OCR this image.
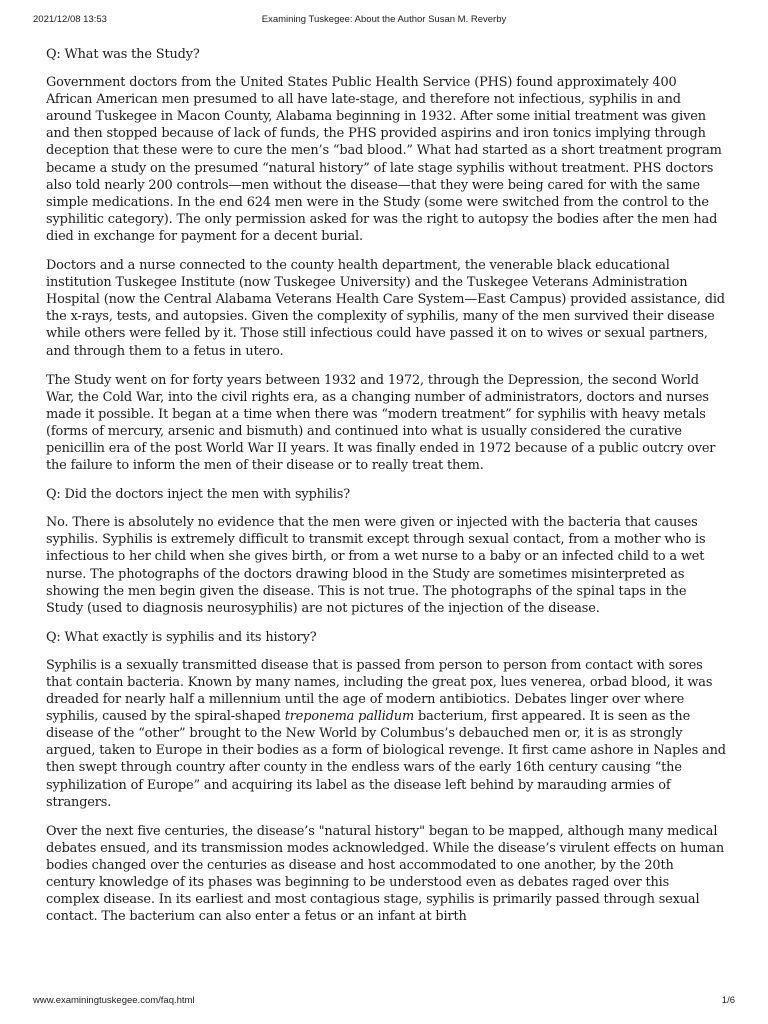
2021/12/08 13:53	Examining Tuskegee: About the Author Susan M. Reverby

Q: What was the Study?

Government doctors from the United States Public Health Service (PHS) found approximately 400 African American men presumed to all have late-stage, and therefore not infectious, syphilis in and around Tuskegee in Macon County, Alabama beginning in 1932. After some initial treatment was given and then stopped because of lack of funds, the PHS provided aspirins and iron tonics implying through deception that these were to cure the men’s “bad blood.” What had started as a short treatment program became a study on the presumed “natural history” of late stage syphilis without treatment. PHS doctors also told nearly 200 controls—men without the disease—that they were being cared for with the same simple medications. In the end 624 men were in the Study (some were switched from the control to the syphilitic category). The only permission asked for was the right to autopsy the bodies after the men had died in exchange for payment for a decent burial.

Doctors and a nurse connected to the county health department, the venerable black educational institution Tuskegee Institute (now Tuskegee University) and the Tuskegee Veterans Administration Hospital (now the Central Alabama Veterans Health Care System—East Campus) provided assistance, did the x-rays, tests, and autopsies. Given the complexity of syphilis, many of the men survived their disease while others were felled by it. Those still infectious could have passed it on to wives or sexual partners, and through them to a fetus in utero.

The Study went on for forty years between 1932 and 1972, through the Depression, the second World War, the Cold War, into the civil rights era, as a changing number of administrators, doctors and nurses made it possible. It began at a time when there was “modern treatment” for syphilis with heavy metals (forms of mercury, arsenic and bismuth) and continued into what is usually considered the curative penicillin era of the post World War II years. It was finally ended in 1972 because of a public outcry over the failure to inform the men of their disease or to really treat them.

Q: Did the doctors inject the men with syphilis?

No. There is absolutely no evidence that the men were given or injected with the bacteria that causes syphilis. Syphilis is extremely difficult to transmit except through sexual contact, from a mother who is infectious to her child when she gives birth, or from a wet nurse to a baby or an infected child to a wet nurse. The photographs of the doctors drawing blood in the Study are sometimes misinterpreted as showing the men begin given the disease. This is not true. The photographs of the spinal taps in the Study (used to diagnosis neurosyphilis) are not pictures of the injection of the disease.

Q: What exactly is syphilis and its history?

Syphilis is a sexually transmitted disease that is passed from person to person from contact with sores that contain bacteria. Known by many names, including the great pox, lues venerea, orbad blood, it was dreaded for nearly half a millennium until the age of modern antibiotics. Debates linger over where syphilis, caused by the spiral-shaped treponema pallidum bacterium, first appeared. It is seen as the disease of the “other” brought to the New World by Columbus’s debauched men or, it is as strongly argued, taken to Europe in their bodies as a form of biological revenge. It first came ashore in Naples and then swept through country after county in the endless wars of the early 16th century causing “the syphilization of Europe” and acquiring its label as the disease left behind by marauding armies of strangers.

Over the next five centuries, the disease’s "natural history" began to be mapped, although many medical debates ensued, and its transmission modes acknowledged. While the disease’s virulent effects on human bodies changed over the centuries as disease and host accommodated to one another, by the 20th century knowledge of its phases was beginning to be understood even as debates raged over this complex disease. In its earliest and most contagious stage, syphilis is primarily passed through sexual contact. The bacterium can also enter a fetus or an infant at birth

www.examiningtuskegee.com/faq.html	1/6
